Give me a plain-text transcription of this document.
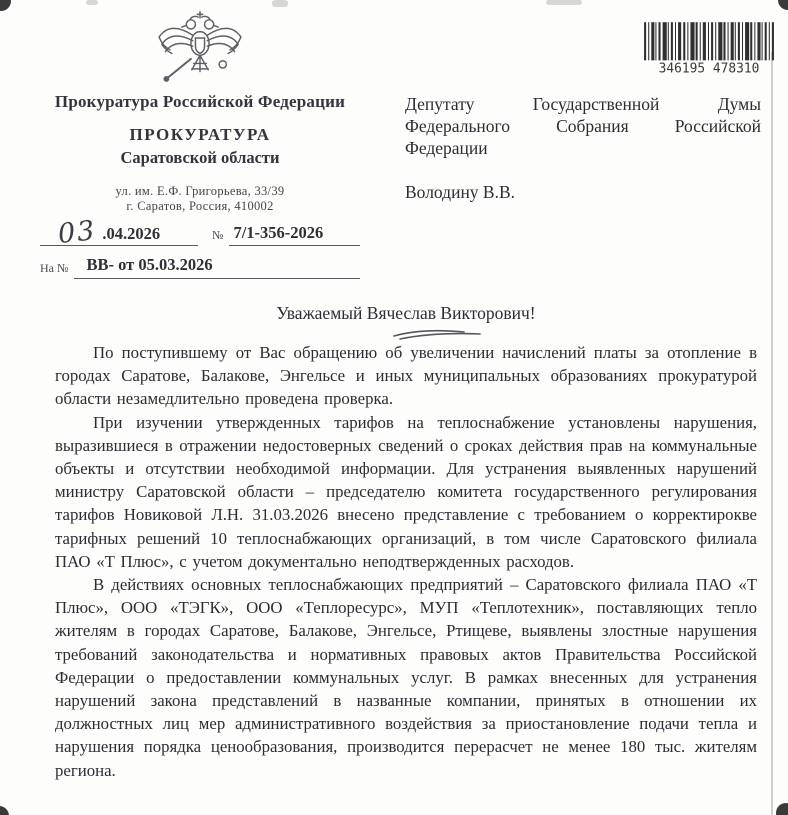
Прокуратура Российской Федерации
ПРОКУРАТУРА
Саратовской области
ул. им. Е.Ф. Григорьева, 33/39
г. Саратов, Россия, 410002
03 .04.2026	№ 7/1-356-2026
На №	ВВ- от 05.03.2026
346195 478310

Депутату Государственной Думы Федерального Собрания Российской Федерации

Володину В.В.

Уважаемый Вячеслав Викторович!

По поступившему от Вас обращению об увеличении начислений платы за отопление в городах Саратове, Балакове, Энгельсе и иных муниципальных образованиях прокуратурой области незамедлительно проведена проверка.

При изучении утвержденных тарифов на теплоснабжение установлены нарушения, выразившиеся в отражении недостоверных сведений о сроках действия прав на коммунальные объекты и отсутствии необходимой информации. Для устранения выявленных нарушений министру Саратовской области – председателю комитета государственного регулирования тарифов Новиковой Л.Н. 31.03.2026 внесено представление с требованием о корректирокве тарифных решений 10 теплоснабжающих организаций, в том числе Саратовского филиала ПАО «Т Плюс», с учетом документально неподтвержденных расходов.

В действиях основных теплоснабжающих предприятий – Саратовского филиала ПАО «Т Плюс», ООО «ТЭГК», ООО «Теплоресурс», МУП «Теплотехник», поставляющих тепло жителям в городах Саратове, Балакове, Энгельсе, Ртищеве, выявлены злостные нарушения требований законодательства и нормативных правовых актов Правительства Российской Федерации о предоставлении коммунальных услуг. В рамках внесенных для устранения нарушений закона представлений в названные компании, принятых в отношении их должностных лиц мер административного воздействия за приостановление подачи тепла и нарушения порядка ценообразования, производится перерасчет не менее 180 тыс. жителям региона.
